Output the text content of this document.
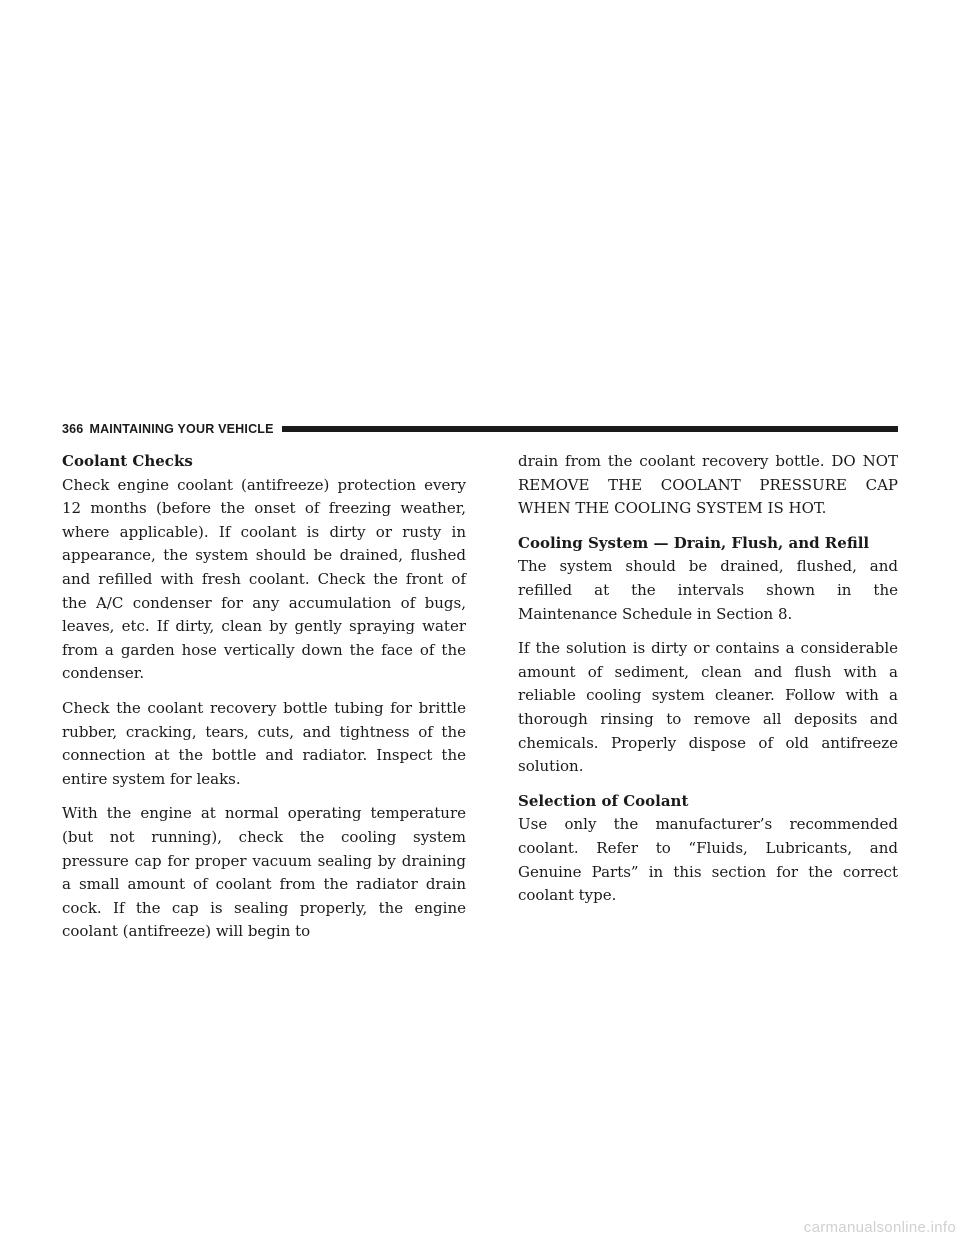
366 MAINTAINING YOUR VEHICLE
Coolant Checks

Check engine coolant (antifreeze) protection every 12 months (before the onset of freezing weather, where applicable). If coolant is dirty or rusty in appearance, the system should be drained, flushed and refilled with fresh coolant. Check the front of the A/C condenser for any accumulation of bugs, leaves, etc. If dirty, clean by gently spraying water from a garden hose vertically down the face of the condenser.

Check the coolant recovery bottle tubing for brittle rubber, cracking, tears, cuts, and tightness of the connection at the bottle and radiator. Inspect the entire system for leaks.

With the engine at normal operating temperature (but not running), check the cooling system pressure cap for proper vacuum sealing by draining a small amount of coolant from the radiator drain cock. If the cap is sealing properly, the engine coolant (antifreeze) will begin to

drain from the coolant recovery bottle. DO NOT REMOVE THE COOLANT PRESSURE CAP WHEN THE COOLING SYSTEM IS HOT.

Cooling System — Drain, Flush, and Refill

The system should be drained, flushed, and refilled at the intervals shown in the Maintenance Schedule in Section 8.

If the solution is dirty or contains a considerable amount of sediment, clean and flush with a reliable cooling system cleaner. Follow with a thorough rinsing to remove all deposits and chemicals. Properly dispose of old antifreeze solution.

Selection of Coolant

Use only the manufacturer’s recommended coolant. Refer to “Fluids, Lubricants, and Genuine Parts” in this section for the correct coolant type.

carmanualsonline.info
